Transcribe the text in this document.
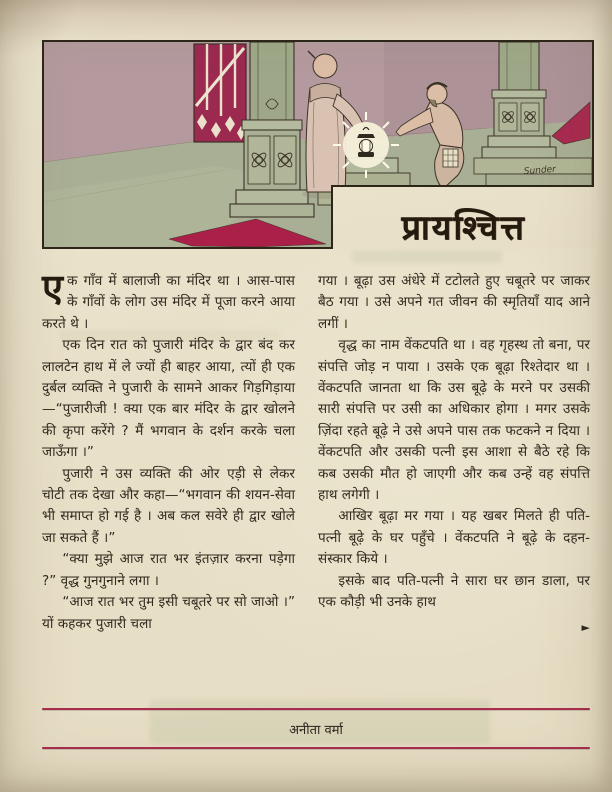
Sunder
प्रायश्चित्त

एक गाँव में बालाजी का मंदिर था । आस-पास के गाँवों के लोग उस मंदिर में पूजा करने आया करते थे ।

एक दिन रात को पुजारी मंदिर के द्वार बंद कर लालटेन हाथ में ले ज्यों ही बाहर आया, त्यों ही एक दुर्बल व्यक्ति ने पुजारी के सामने आकर गिड़गिड़ाया—“पुजारीजी ! क्या एक बार मंदिर के द्वार खोलने की कृपा करेंगे ? मैं भगवान के दर्शन करके चला जाऊँगा ।”

पुजारी ने उस व्यक्ति की ओर एड़ी से लेकर चोटी तक देखा और कहा—“भगवान की शयन-सेवा भी समाप्त हो गई है । अब कल सवेरे ही द्वार खोले जा सकते हैं ।”

“क्या मुझे आज रात भर इंतज़ार करना पड़ेगा ?” वृद्ध गुनगुनाने लगा ।

“आज रात भर तुम इसी चबूतरे पर सो जाओ ।” यों कहकर पुजारी चला

गया । बूढ़ा उस अंधेरे में टटोलते हुए चबूतरे पर जाकर बैठ गया । उसे अपने गत जीवन की स्मृतियाँ याद आने लगीं ।

वृद्ध का नाम वेंकटपति था । वह गृहस्थ तो बना, पर संपत्ति जोड़ न पाया । उसके एक बूढ़ा रिश्तेदार था । वेंकटपति जानता था कि उस बूढ़े के मरने पर उसकी सारी संपत्ति पर उसी का अधिकार होगा । मगर उसके ज़िंदा रहते बूढ़े ने उसे अपने पास तक फटकने न दिया । वेंकटपति और उसकी पत्नी इस आशा से बैठे रहे कि कब उसकी मौत हो जाएगी और कब उन्हें वह संपत्ति हाथ लगेगी ।

आखिर बूढ़ा मर गया । यह खबर मिलते ही पति-पत्नी बूढ़े के घर पहुँचे । वेंकटपति ने बूढ़े के दहन-संस्कार किये ।

इसके बाद पति-पत्नी ने सारा घर छान डाला, पर एक कौड़ी भी उनके हाथ

►
अनीता वर्मा
